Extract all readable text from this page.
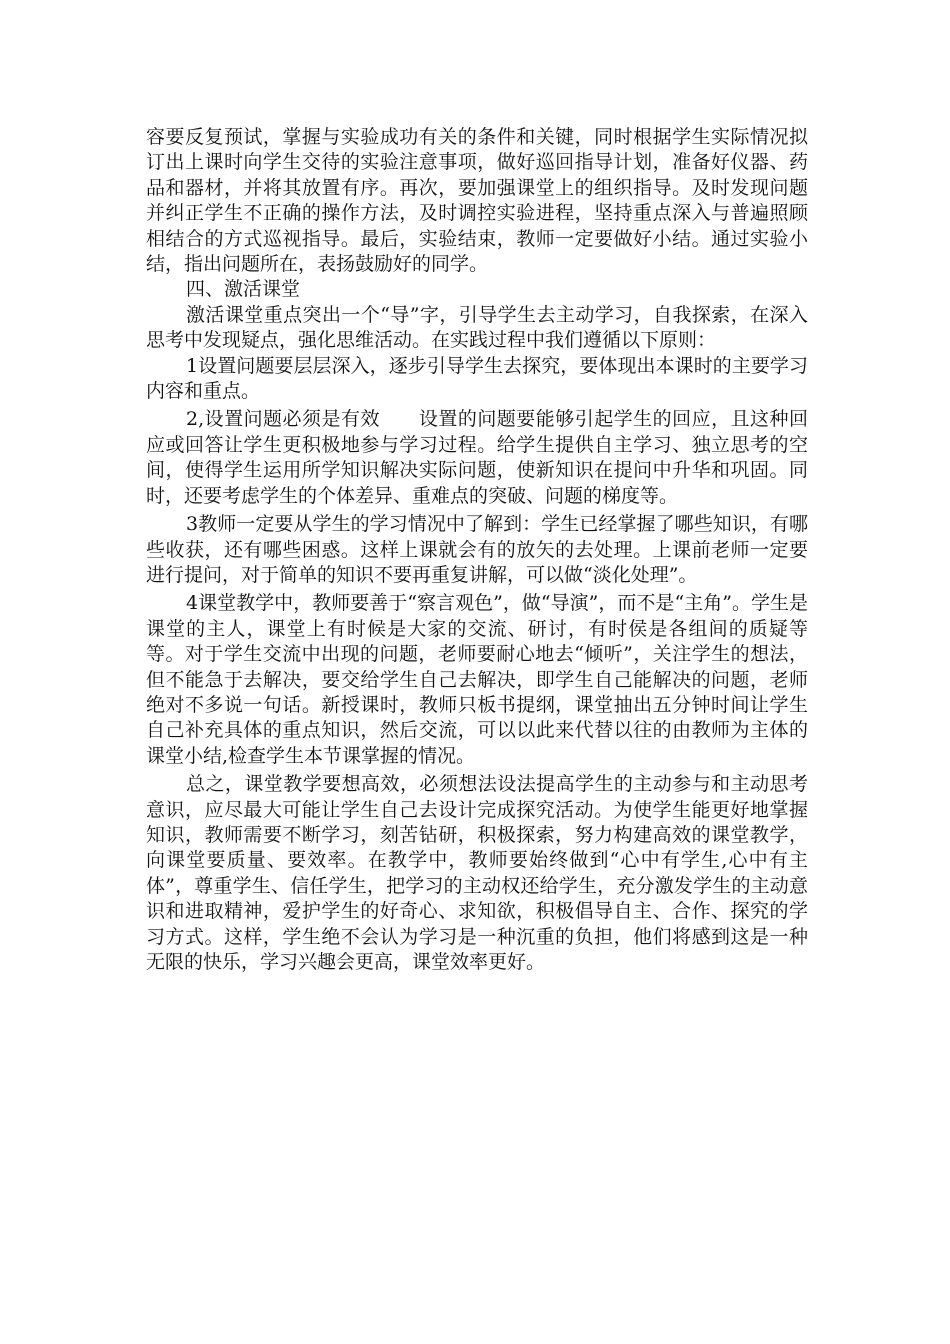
容要反复预试，掌握与实验成功有关的条件和关键，同时根据学生实际情况拟订出上课时向学生交待的实验注意事项，做好巡回指导计划，准备好仪器、药品和器材，并将其放置有序。再次，要加强课堂上的组织指导。及时发现问题并纠正学生不正确的操作方法，及时调控实验进程，坚持重点深入与普遍照顾相结合的方式巡视指导。最后，实验结束，教师一定要做好小结。通过实验小结，指出问题所在，表扬鼓励好的同学。

四、激活课堂

激活课堂重点突出一个“导”字，引导学生去主动学习，自我探索，在深入思考中发现疑点，强化思维活动。在实践过程中我们遵循以下原则：

1设置问题要层层深入，逐步引导学生去探究，要体现出本课时的主要学习内容和重点。

2,设置问题必须是有效　　设置的问题要能够引起学生的回应，且这种回应或回答让学生更积极地参与学习过程。给学生提供自主学习、独立思考的空间，使得学生运用所学知识解决实际问题，使新知识在提问中升华和巩固。同时，还要考虑学生的个体差异、重难点的突破、问题的梯度等。

3教师一定要从学生的学习情况中了解到：学生已经掌握了哪些知识，有哪些收获，还有哪些困惑。这样上课就会有的放矢的去处理。上课前老师一定要进行提问，对于简单的知识不要再重复讲解，可以做“淡化处理”。

4课堂教学中，教师要善于“察言观色”，做“导演”，而不是“主角”。学生是课堂的主人，课堂上有时候是大家的交流、研讨，有时侯是各组间的质疑等等。对于学生交流中出现的问题，老师要耐心地去“倾听”，关注学生的想法，但不能急于去解决，要交给学生自己去解决，即学生自己能解决的问题，老师绝对不多说一句话。新授课时，教师只板书提纲，课堂抽出五分钟时间让学生自己补充具体的重点知识，然后交流，可以以此来代替以往的由教师为主体的课堂小结,检查学生本节课掌握的情况。

总之，课堂教学要想高效，必须想法设法提高学生的主动参与和主动思考意识，应尽最大可能让学生自己去设计完成探究活动。为使学生能更好地掌握知识，教师需要不断学习，刻苦钻研，积极探索，努力构建高效的课堂教学，向课堂要质量、要效率。在教学中，教师要始终做到“心中有学生,心中有主体”，尊重学生、信任学生，把学习的主动权还给学生，充分激发学生的主动意识和进取精神，爱护学生的好奇心、求知欲，积极倡导自主、合作、探究的学习方式。这样，学生绝不会认为学习是一种沉重的负担，他们将感到这是一种无限的快乐，学习兴趣会更高，课堂效率更好。
